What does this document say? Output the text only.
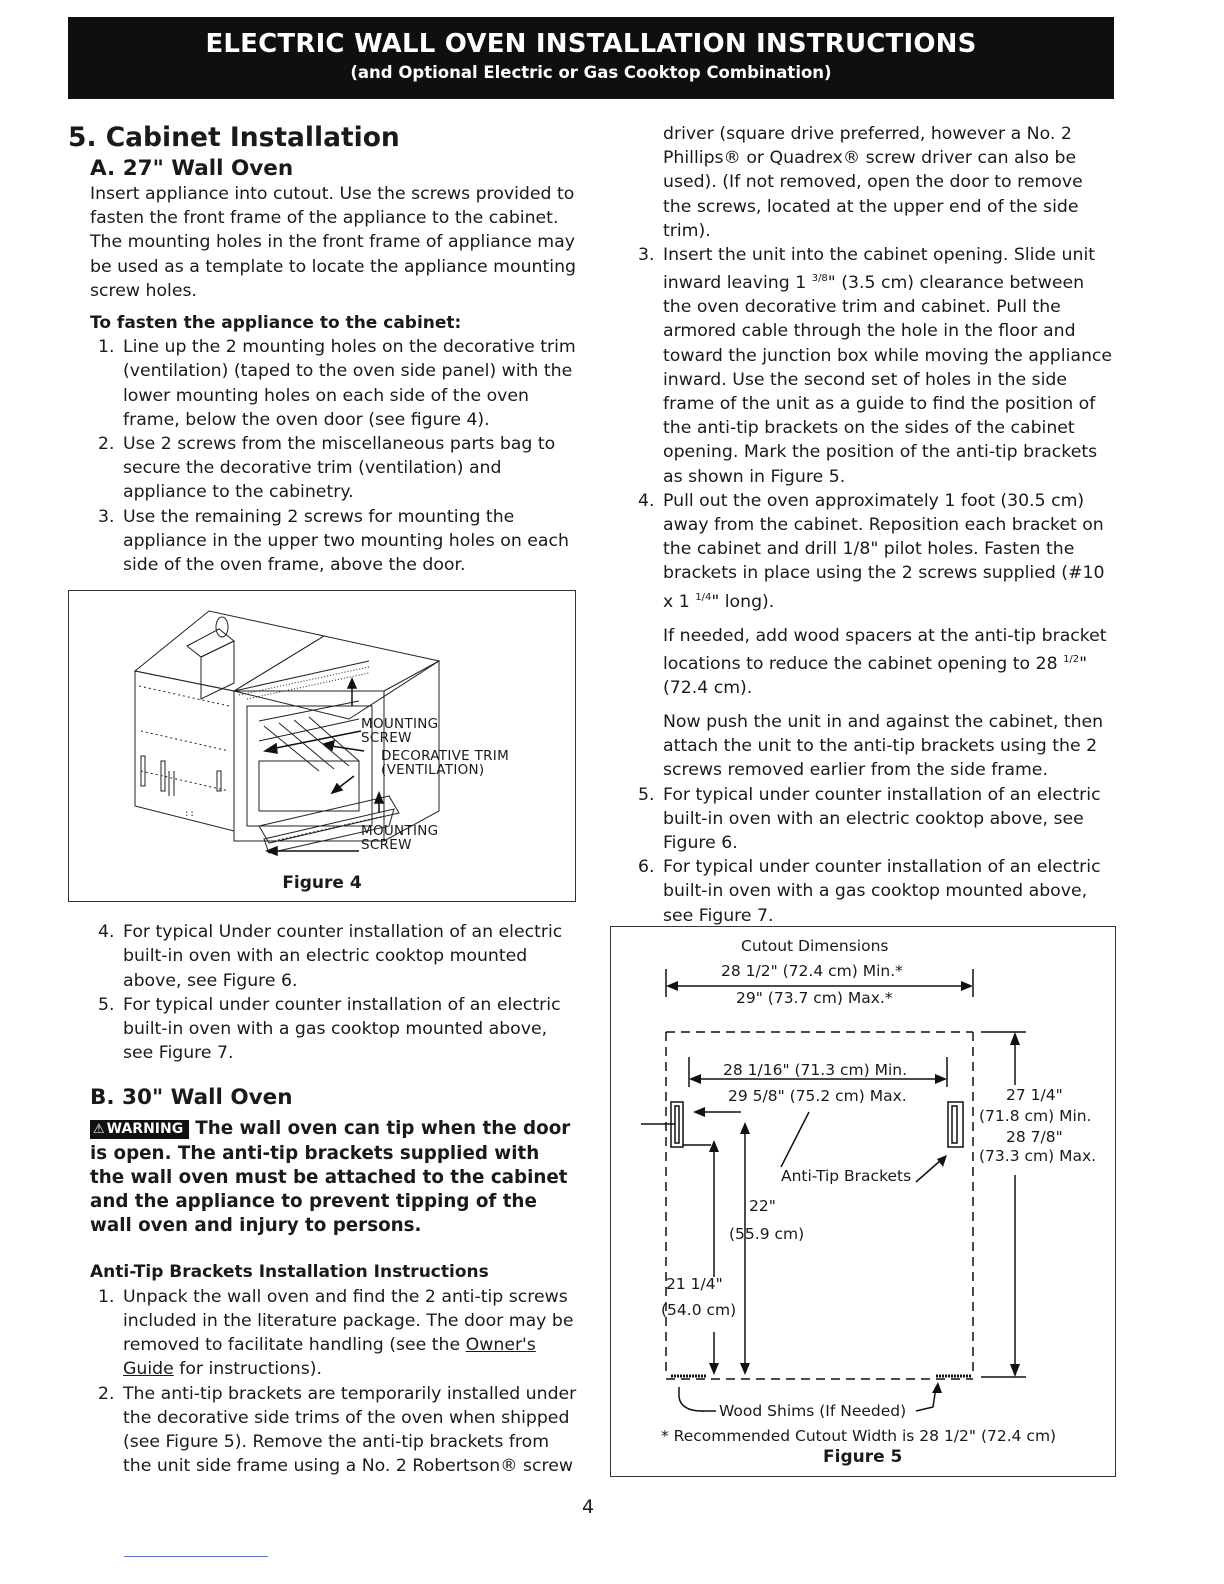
ELECTRIC WALL OVEN INSTALLATION INSTRUCTIONS
(and Optional Electric or Gas Cooktop Combination)
5. Cabinet Installation
A. 27" Wall Oven
Insert appliance into cutout. Use the screws provided to fasten the front frame of the appliance to the cabinet. The mounting holes in the front frame of appliance may be used as a template to locate the appliance mounting screw holes.
To fasten the appliance to the cabinet:
1. Line up the 2 mounting holes on the decorative trim (ventilation) (taped to the oven side panel) with the lower mounting holes on each side of the oven frame, below the oven door (see figure 4).
2. Use 2 screws from the miscellaneous parts bag to secure the decorative trim (ventilation) and appliance to the cabinetry.
3. Use the remaining 2 screws for mounting the appliance in the upper two mounting holes on each side of the oven frame, above the door.
::
MOUNTING
SCREW
DECORATIVE TRIM
(VENTILATION)
MOUNTING
SCREW
Figure 4
4. For typical Under counter installation of an electric built-in oven with an electric cooktop mounted above, see Figure 6.
5. For typical under counter installation of an electric built-in oven with a gas cooktop mounted above, see Figure 7.
B. 30" Wall Oven
⚠ WARNING The wall oven can tip when the door is open. The anti-tip brackets supplied with the wall oven must be attached to the cabinet and the appliance to prevent tipping of the wall oven and injury to persons.
Anti-Tip Brackets Installation Instructions
1. Unpack the wall oven and find the 2 anti-tip screws included in the literature package. The door may be removed to facilitate handling (see the Owner's Guide for instructions).
2. The anti-tip brackets are temporarily installed under the decorative side trims of the oven when shipped (see Figure 5). Remove the anti-tip brackets from the unit side frame using a No. 2 Robertson® screw
driver (square drive preferred, however a No. 2 Phillips® or Quadrex® screw driver can also be used). (If not removed, open the door to remove the screws, located at the upper end of the side trim).
3. Insert the unit into the cabinet opening. Slide unit inward leaving 1 $^{3/8}$" (3.5 cm) clearance between the oven decorative trim and cabinet. Pull the armored cable through the hole in the floor and toward the junction box while moving the appliance inward. Use the second set of holes in the side frame of the unit as a guide to find the position of the anti-tip brackets on the sides of the cabinet opening. Mark the position of the anti-tip brackets as shown in Figure 5.
4. Pull out the oven approximately 1 foot (30.5 cm) away from the cabinet. Reposition each bracket on the cabinet and drill 1/8" pilot holes. Fasten the brackets in place using the 2 screws supplied (#10 x 1 $^{1/4}$" long).
If needed, add wood spacers at the anti-tip bracket locations to reduce the cabinet opening to 28 $^{1/2}$" (72.4 cm).
Now push the unit in and against the cabinet, then attach the unit to the anti-tip brackets using the 2 screws removed earlier from the side frame.
5. For typical under counter installation of an electric built-in oven with an electric cooktop above, see Figure 6.
6. For typical under counter installation of an electric built-in oven with a gas cooktop mounted above, see Figure 7.
Cutout Dimensions
28 1/2" (72.4 cm) Min.*
29" (73.7 cm) Max.*
28 1/16" (71.3 cm) Min.
29 5/8" (75.2 cm) Max.	27 1/4"
(71.8 cm) Min.
28 7/8"
(73.3 cm) Max.
Anti-Tip Brackets
22"
(55.9 cm)
21 1/4"
(54.0 cm)
Wood Shims (If Needed)
* Recommended Cutout Width is 28 1/2" (72.4 cm)
Figure 5
4
